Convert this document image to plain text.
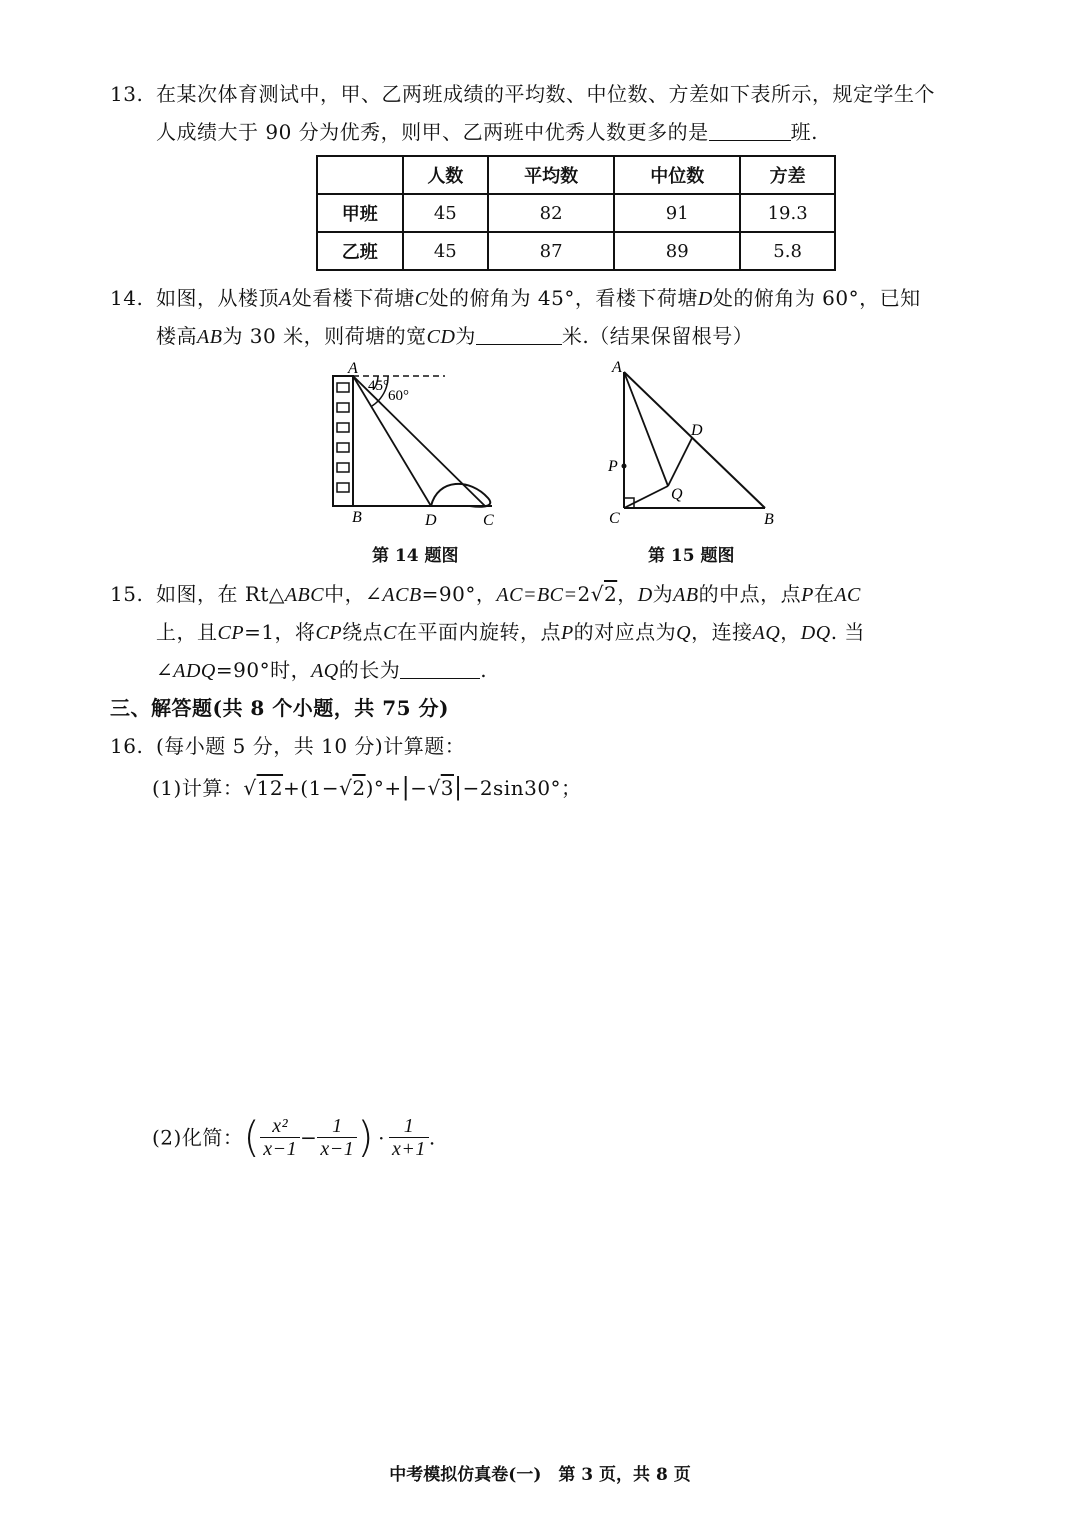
13. 在某次体育测试中，甲、乙两班成绩的平均数、中位数、方差如下表所示，规定学生个
人成绩大于 90 分为优秀，则甲、乙两班中优秀人数更多的是	班.
	人数	平均数	中位数	方差
甲班	45	82	91	19.3
乙班	45	87	89	5.8
14. 如图，从楼顶A处看楼下荷塘C处的俯角为 45°，看楼下荷塘D处的俯角为 60°，已知
楼高AB为 30 米，则荷塘的宽CD为	米.（结果保留根号）
A
45°
60°
B	D	C
第 14 题图
A
D
P
Q
C	B
第 15 题图
15. 如图，在 Rt△ABC中，∠ACB=90°，AC=BC=2√2，D为AB的中点，点P在AC
上，且CP=1，将CP绕点C在平面内旋转，点P的对应点为Q，连接AQ，DQ. 当
∠ADQ=90°时，AQ的长为	.
三、解答题(共 8 个小题，共 75 分)
16. (每小题 5 分，共 10 分)计算题：
(1)计算：√12+(1−√2)°+|−√3|−2sin30°；
(2)化简：( $\frac{\text{x²}}{x-1} - \frac{1}{x-1}$ ) · $\frac{1}{x+1}$ .
中考模拟仿真卷(一)　第 3 页，共 8 页
